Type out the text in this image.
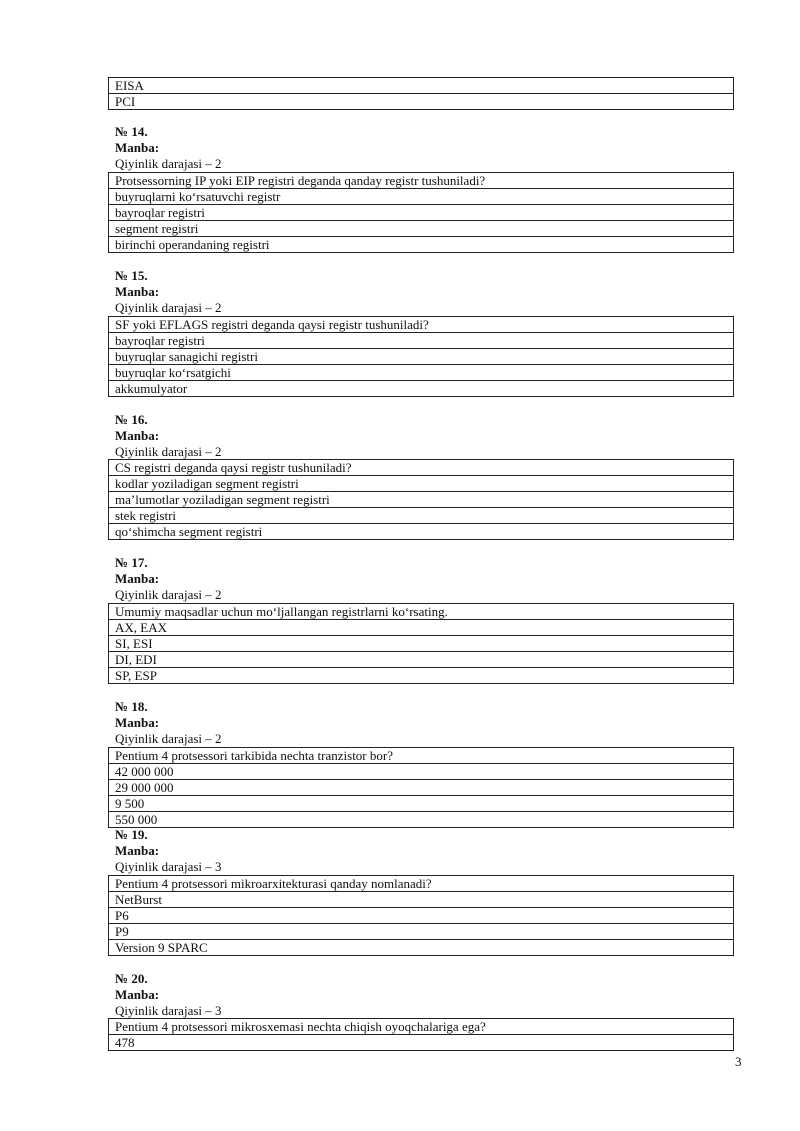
EISA
PCI
№ 14.
Manba:
Qiyinlik darajasi – 2
Protsessorning IP yoki EIP registri deganda qanday registr tushuniladi?
buyruqlarni ko‘rsatuvchi registr
bayroqlar registri
segment registri
birinchi operandaning registri
№ 15.
Manba:
Qiyinlik darajasi – 2
SF yoki EFLAGS registri deganda qaysi registr tushuniladi?
bayroqlar registri
buyruqlar sanagichi registri
buyruqlar ko‘rsatgichi
akkumulyator
№ 16.
Manba:
Qiyinlik darajasi – 2
CS registri deganda qaysi registr tushuniladi?
kodlar yoziladigan segment registri
ma’lumotlar yoziladigan segment registri
stek registri
qo‘shimcha segment registri
№ 17.
Manba:
Qiyinlik darajasi – 2
Umumiy maqsadlar uchun mo‘ljallangan registrlarni ko‘rsating.
AX, EAX
SI, ESI
DI, EDI
SP, ESP
№ 18.
Manba:
Qiyinlik darajasi – 2
Pentium 4 protsessori tarkibida nechta tranzistor bor?
42 000 000
29 000 000
9 500
550 000
№ 19.
Manba:
Qiyinlik darajasi – 3
Pentium 4 protsessori mikroarxitekturasi qanday nomlanadi?
NetBurst
P6
P9
Version 9 SPARC
№ 20.
Manba:
Qiyinlik darajasi – 3
Pentium 4 protsessori mikrosxemasi nechta chiqish oyoqchalariga ega?
478
3
